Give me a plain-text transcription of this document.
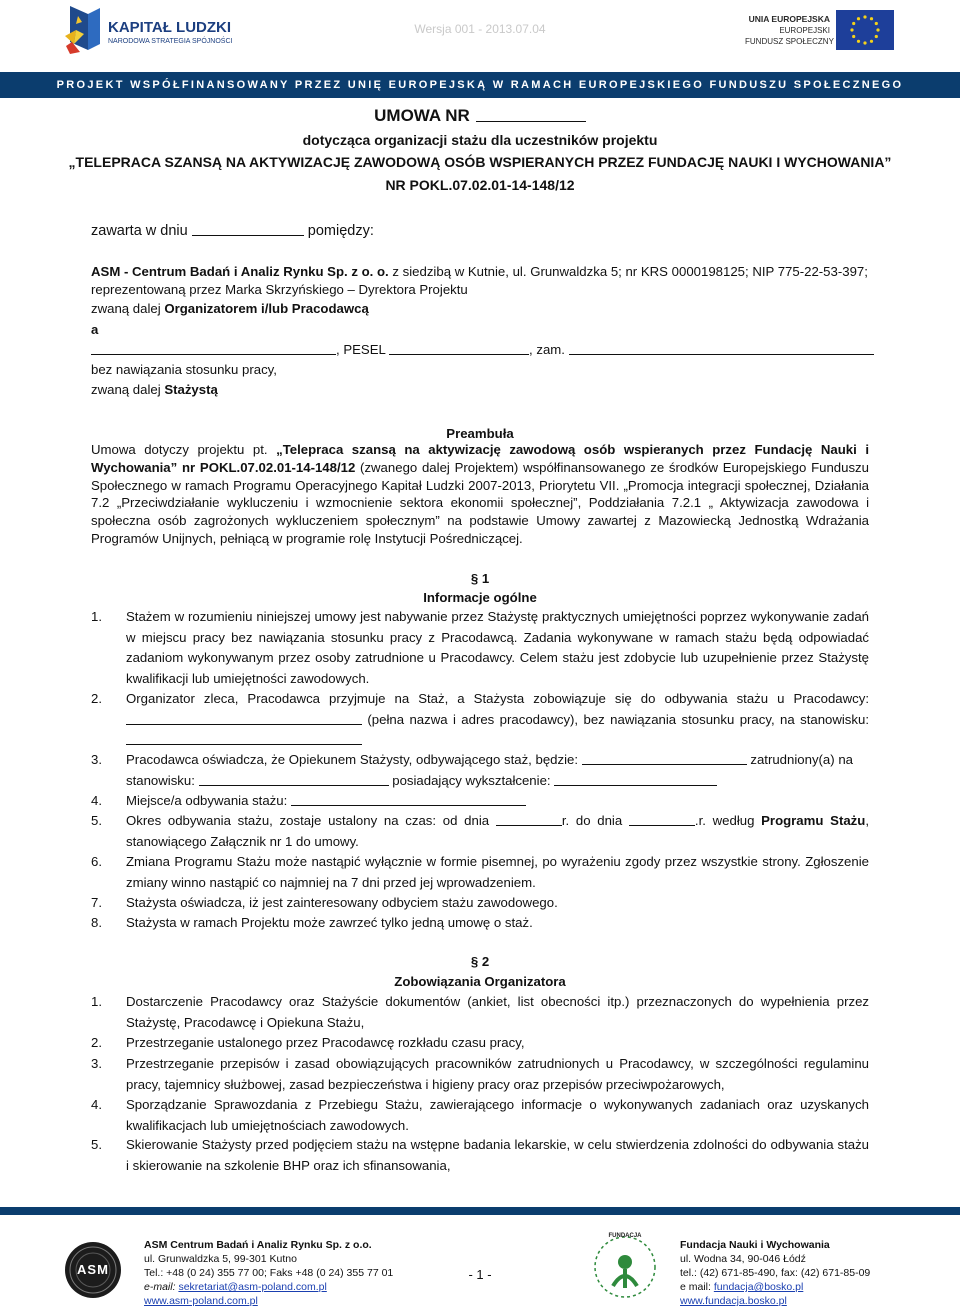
KAPITAŁ LUDZKI
NARODOWA STRATEGIA SPÓJNOŚCI
Wersja 001 - 2013.07.04
UNIA EUROPEJSKA
EUROPEJSKI
FUNDUSZ SPOŁECZNY
PROJEKT WSPÓŁFINANSOWANY PRZEZ UNIĘ EUROPEJSKĄ W RAMACH EUROPEJSKIEGO FUNDUSZU SPOŁECZNEGO
UMOWA NR
dotycząca organizacji stażu dla uczestników projektu
„TELEPRACA SZANSĄ NA AKTYWIZACJĘ ZAWODOWĄ OSÓB WSPIERANYCH PRZEZ FUNDACJĘ NAUKI I WYCHOWANIA”
NR POKL.07.02.01-14-148/12
zawarta w dniu	pomiędzy:
ASM - Centrum Badań i Analiz Rynku Sp. z o. o. z siedzibą w Kutnie, ul. Grunwaldzka 5; nr KRS 0000198125; NIP 775-22-53-397;
reprezentowaną przez Marka Skrzyńskiego – Dyrektora Projektu
zwaną dalej Organizatorem i/lub Pracodawcą
a
, PESEL	, zam.
bez nawiązania stosunku pracy,
zwaną dalej Stażystą
Preambuła
Umowa dotyczy projektu pt. „Telepraca szansą na aktywizację zawodową osób wspieranych przez Fundację Nauki i Wychowania” nr POKL.07.02.01-14-148/12 (zwanego dalej Projektem) współfinansowanego ze środków Europejskiego Funduszu Społecznego w ramach Programu Operacyjnego Kapitał Ludzki 2007-2013, Priorytetu VII. „Promocja integracji społecznej, Działania 7.2 „Przeciwdziałanie wykluczeniu i wzmocnienie sektora ekonomii społecznej”, Poddziałania 7.2.1 „ Aktywizacja zawodowa i społeczna osób zagrożonych wykluczeniem społecznym” na podstawie Umowy zawartej z Mazowiecką Jednostką Wdrażania Programów Unijnych, pełniącą w programie rolę Instytucji Pośredniczącej.
§ 1
Informacje ogólne
1.	Stażem w rozumieniu niniejszej umowy jest nabywanie przez Stażystę praktycznych umiejętności poprzez wykonywanie zadań w miejscu pracy bez nawiązania stosunku pracy z Pracodawcą. Zadania wykonywane w ramach stażu będą odpowiadać zadaniom wykonywanym przez osoby zatrudnione u Pracodawcy. Celem stażu jest zdobycie lub uzupełnienie przez Stażystę kwalifikacji lub umiejętności zawodowych.
2.	Organizator zleca, Pracodawca przyjmuje na Staż, a Stażysta zobowiązuje się do odbywania stażu u Pracodawcy:  (pełna nazwa i adres pracodawcy), bez nawiązania stosunku pracy, na stanowisku:
3.	Pracodawca oświadcza, że Opiekunem Stażysty, odbywającego staż, będzie:	zatrudniony(a) na
stanowisku:	posiadający wykształcenie:
4.	Miejsce/a odbywania stażu:
5.	Okres odbywania stażu, zostaje ustalony na czas: od dnia	r. do dnia	.r. według Programu Stażu, stanowiącego Załącznik nr 1 do umowy.
6.	Zmiana Programu Stażu może nastąpić wyłącznie w formie pisemnej, po wyrażeniu zgody przez wszystkie strony. Zgłoszenie zmiany winno nastąpić co najmniej na 7 dni przed jej wprowadzeniem.
7.	Stażysta oświadcza, iż jest zainteresowany odbyciem stażu zawodowego.
8.	Stażysta w ramach Projektu może zawrzeć tylko jedną umowę o staż.
§ 2
Zobowiązania Organizatora
1.	Dostarczenie Pracodawcy oraz Stażyście dokumentów (ankiet, list obecności itp.) przeznaczonych do wypełnienia przez Stażystę, Pracodawcę i Opiekuna Stażu,
2.	Przestrzeganie ustalonego przez Pracodawcę rozkładu czasu pracy,
3.	Przestrzeganie przepisów i zasad obowiązujących pracowników zatrudnionych u Pracodawcy, w szczególności regulaminu pracy, tajemnicy służbowej, zasad bezpieczeństwa i higieny pracy oraz przepisów przeciwpożarowych,
4.	Sporządzanie Sprawozdania z Przebiegu Stażu, zawierającego informacje o wykonywanych zadaniach oraz uzyskanych kwalifikacjach lub umiejętnościach zawodowych.
5.	Skierowanie Stażysty przed podjęciem stażu na wstępne badania lekarskie, w celu stwierdzenia zdolności do odbywania stażu i skierowanie na szkolenie BHP oraz ich sfinansowania,
ASM
ASM Centrum Badań i Analiz Rynku Sp. z o.o.
ul. Grunwaldzka 5, 99-301 Kutno
Tel.: +48 (0 24) 355 77 00; Faks +48 (0 24) 355 77 01
e-mail: sekretariat@asm-poland.com.pl
www.asm-poland.com.pl
- 1 -
FUNDACJA
Fundacja Nauki i Wychowania
ul. Wodna 34, 90-046 Łódź
tel.: (42) 671-85-490, fax: (42) 671-85-09
e mail: fundacja@bosko.pl
www.fundacja.bosko.pl
